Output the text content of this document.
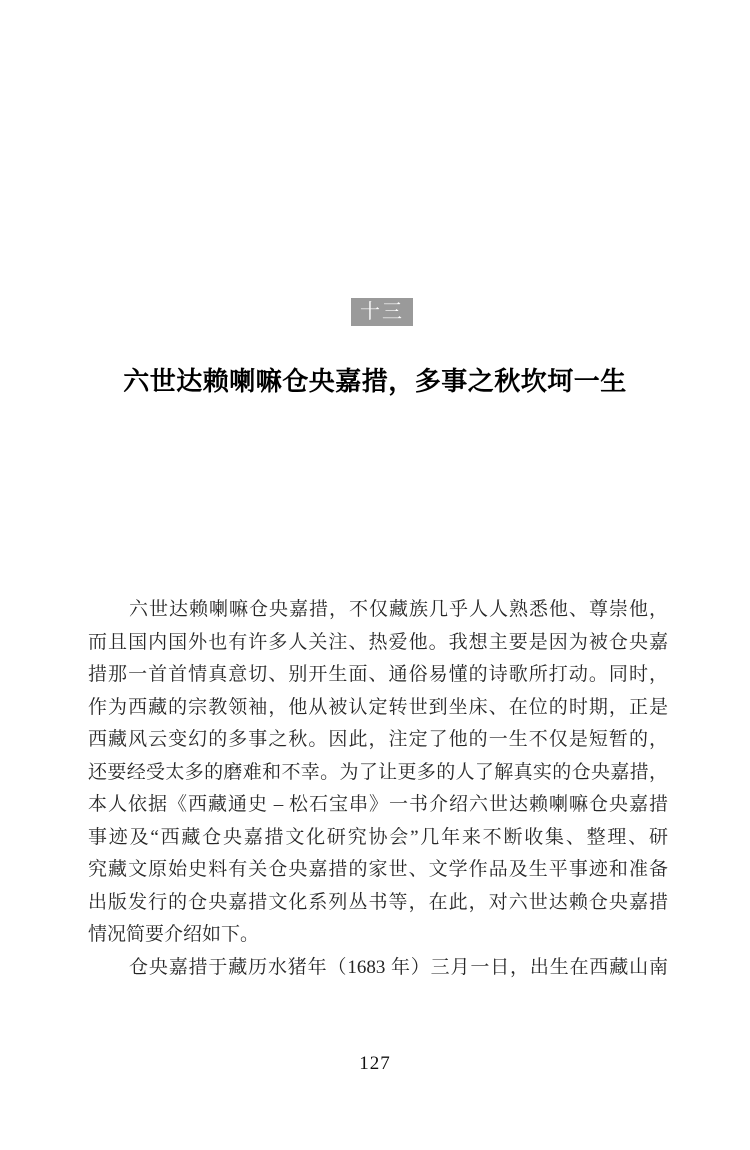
十三
六世达赖喇嘛仓央嘉措，多事之秋坎坷一生
六世达赖喇嘛仓央嘉措，不仅藏族几乎人人熟悉他、尊崇他，
而且国内国外也有许多人关注、热爱他。我想主要是因为被仓央嘉
措那一首首情真意切、别开生面、通俗易懂的诗歌所打动。同时，
作为西藏的宗教领袖，他从被认定转世到坐床、在位的时期，正是
西藏风云变幻的多事之秋。因此，注定了他的一生不仅是短暂的，
还要经受太多的磨难和不幸。为了让更多的人了解真实的仓央嘉措，
本人依据《西藏通史 – 松石宝串》一书介绍六世达赖喇嘛仓央嘉措
事迹及“西藏仓央嘉措文化研究协会”几年来不断收集、整理、研
究藏文原始史料有关仓央嘉措的家世、文学作品及生平事迹和准备
出版发行的仓央嘉措文化系列丛书等，在此，对六世达赖仓央嘉措
情况简要介绍如下。
仓央嘉措于藏历水猪年（1683 年）三月一日，出生在西藏山南
127
